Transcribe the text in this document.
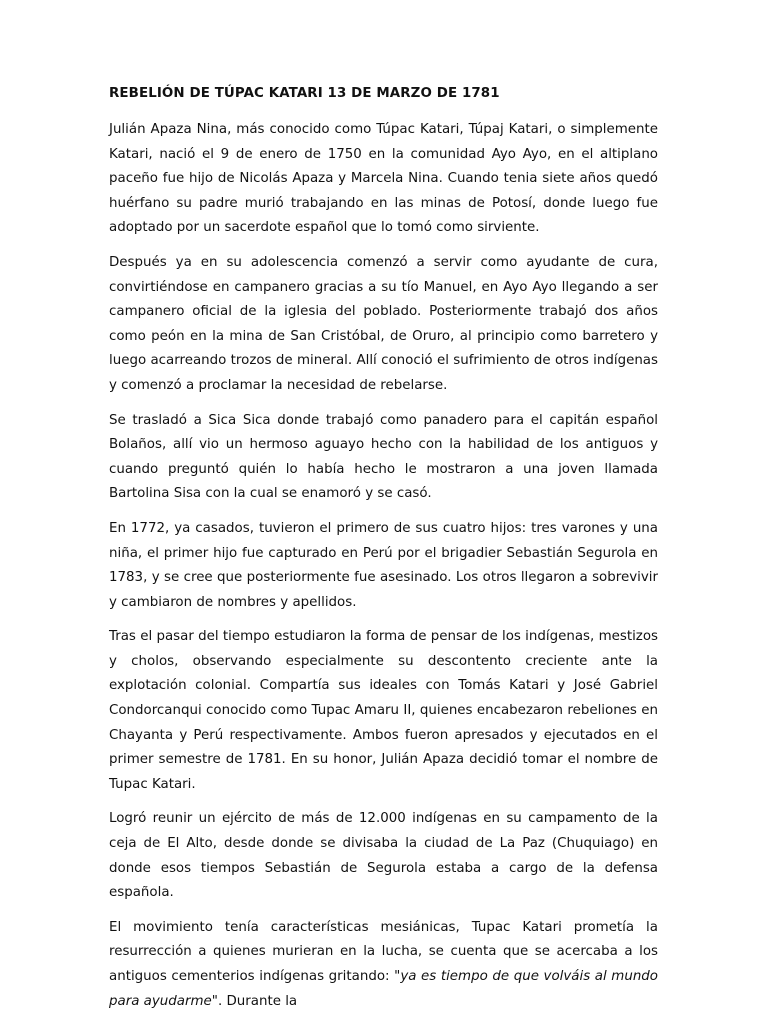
REBELIÓN DE TÚPAC KATARI 13 DE MARZO DE 1781

Julián Apaza Nina, más conocido como Túpac Katari, Túpaj Katari, o simplemente Katari, nació el 9 de enero de 1750 en la comunidad Ayo Ayo, en el altiplano paceño fue hijo de Nicolás Apaza y Marcela Nina. Cuando tenia siete años quedó huérfano su padre murió trabajando en las minas de Potosí, donde luego fue adoptado por un sacerdote español que lo tomó como sirviente.

Después ya en su adolescencia comenzó a servir como ayudante de cura, convirtiéndose en campanero gracias a su tío Manuel, en Ayo Ayo llegando a ser campanero oficial de la iglesia del poblado. Posteriormente trabajó dos años como peón en la mina de San Cristóbal, de Oruro, al principio como barretero y luego acarreando trozos de mineral. Allí conoció el sufrimiento de otros indígenas y comenzó a proclamar la necesidad de rebelarse.

Se trasladó a Sica Sica donde trabajó como panadero para el capitán español Bolaños, allí vio un hermoso aguayo hecho con la habilidad de los antiguos y cuando preguntó quién lo había hecho le mostraron a una joven llamada Bartolina Sisa con la cual se enamoró y se casó.

En 1772, ya casados, tuvieron el primero de sus cuatro hijos: tres varones y una niña, el primer hijo fue capturado en Perú por el brigadier Sebastián Segurola en 1783, y se cree que posteriormente fue asesinado. Los otros llegaron a sobrevivir y cambiaron de nombres y apellidos.

Tras el pasar del tiempo estudiaron la forma de pensar de los indígenas, mestizos y cholos, observando especialmente su descontento creciente ante la explotación colonial. Compartía sus ideales con Tomás Katari y José Gabriel Condorcanqui conocido como Tupac Amaru II, quienes encabezaron rebeliones en Chayanta y Perú respectivamente. Ambos fueron apresados y ejecutados en el primer semestre de 1781. En su honor, Julián Apaza decidió tomar el nombre de Tupac Katari.

Logró reunir un ejército de más de 12.000 indígenas en su campamento de la ceja de El Alto, desde donde se divisaba la ciudad de La Paz (Chuquiago) en donde esos tiempos Sebastián de Segurola estaba a cargo de la defensa española.

El movimiento tenía características mesiánicas, Tupac Katari prometía la resurrección a quienes murieran en la lucha, se cuenta que se acercaba a los antiguos cementerios indígenas gritando: "ya es tiempo de que volváis al mundo para ayudarme". Durante la
